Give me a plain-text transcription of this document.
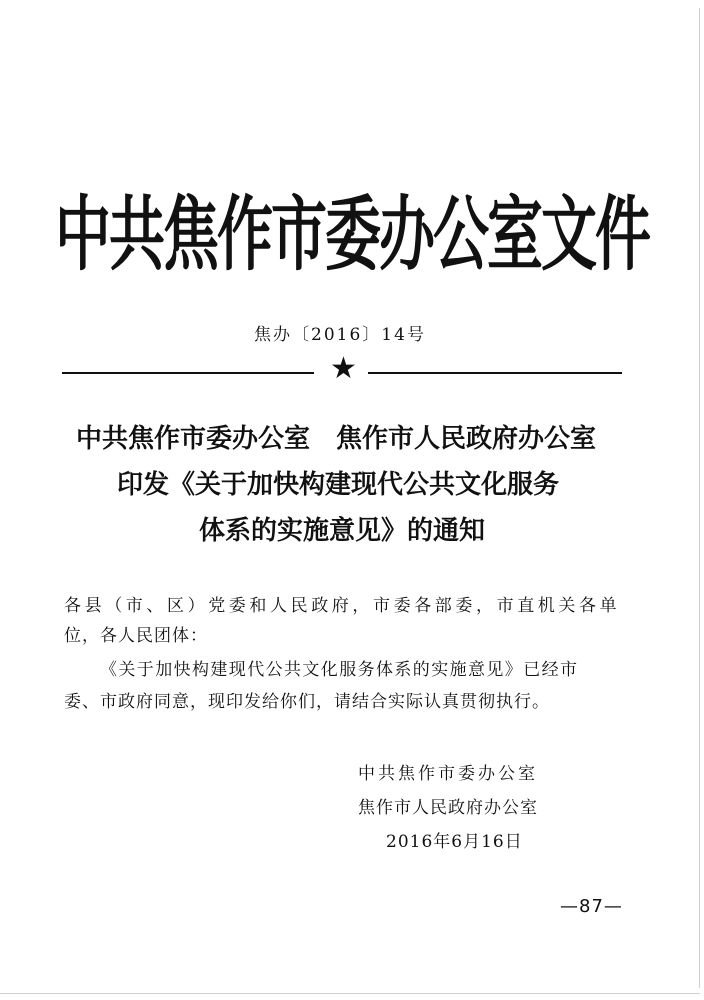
中共焦作市委办公室文件
焦办〔2016〕14号
★
中共焦作市委办公室　焦作市人民政府办公室
印发《关于加快构建现代公共文化服务
体系的实施意见》的通知
各县（市、区）党委和人民政府，市委各部委，市直机关各单
位，各人民团体：
《关于加快构建现代公共文化服务体系的实施意见》已经市
委、市政府同意，现印发给你们，请结合实际认真贯彻执行。
中共焦作市委办公室
焦作市人民政府办公室
2016年6月16日
—87—
